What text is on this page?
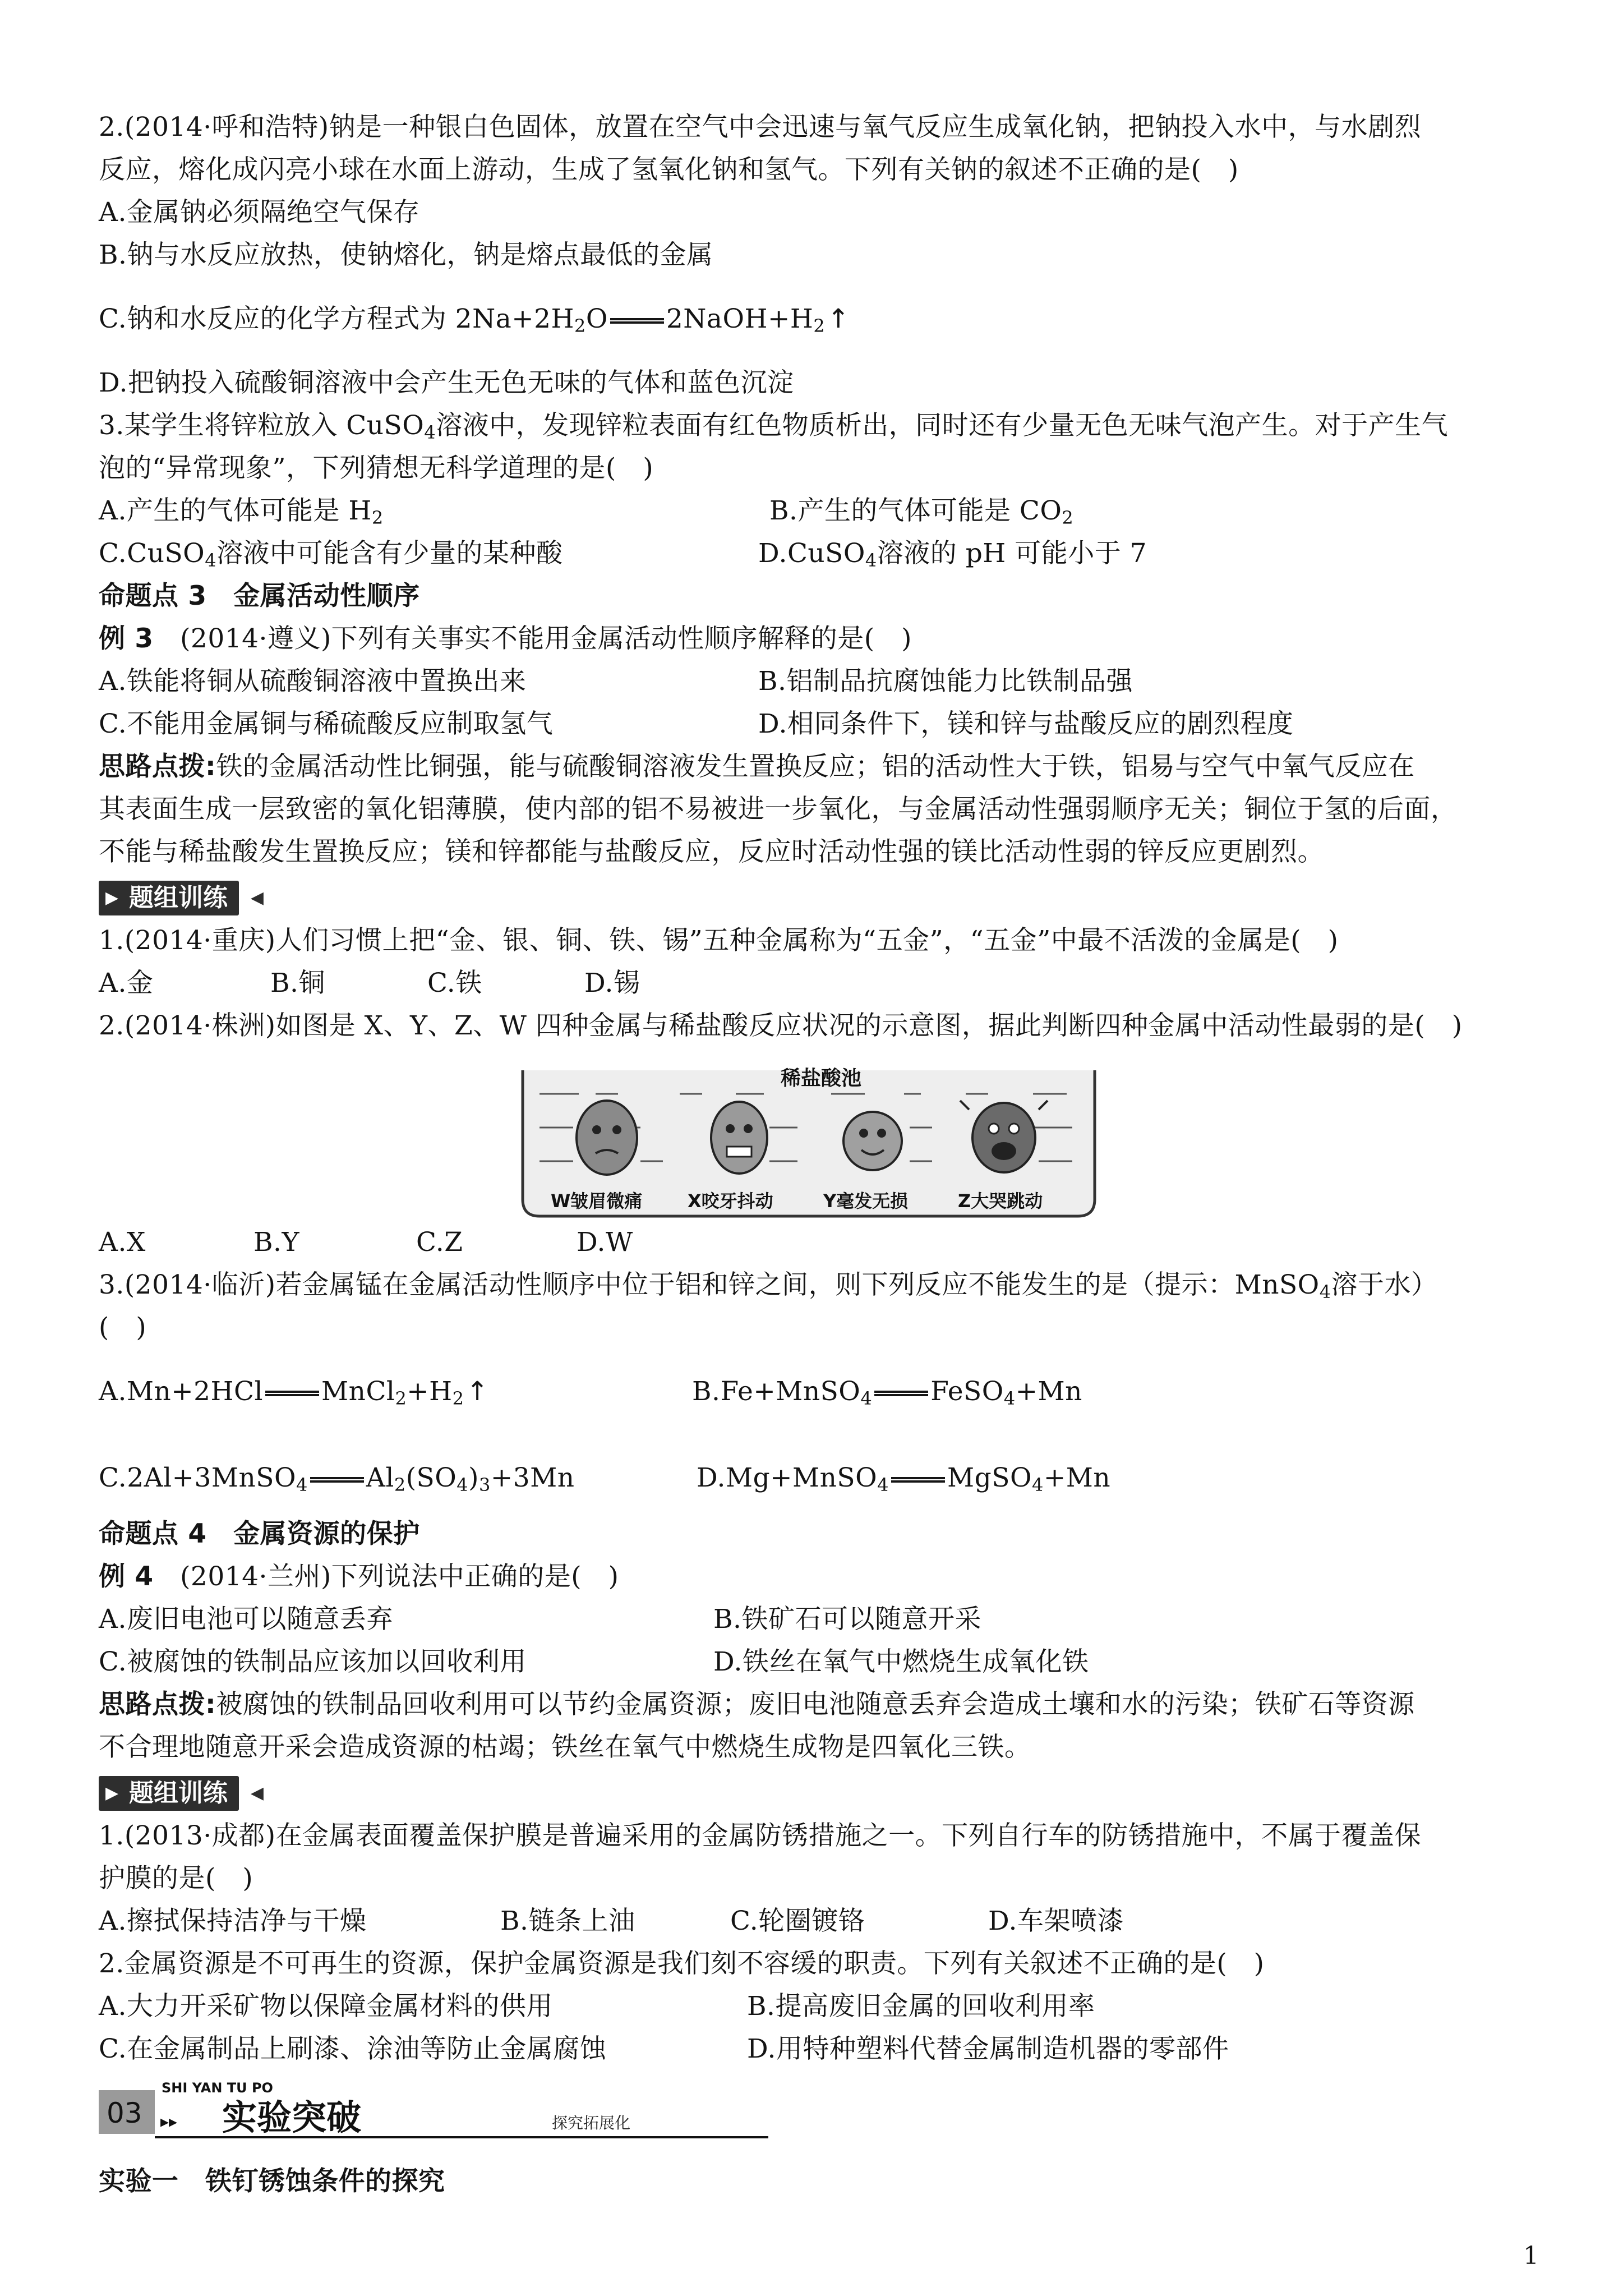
2.(2014·呼和浩特)钠是一种银白色固体，放置在空气中会迅速与氧气反应生成氧化钠，把钠投入水中，与水剧烈
反应，熔化成闪亮小球在水面上游动，生成了氢氧化钠和氢气。下列有关钠的叙述不正确的是(　)
A.金属钠必须隔绝空气保存
B.钠与水反应放热，使钠熔化，钠是熔点最低的金属
C.钠和水反应的化学方程式为 $2Na+2H_2O$ $2NaOH+H_2↑$
D.把钠投入硫酸铜溶液中会产生无色无味的气体和蓝色沉淀
3.某学生将锌粒放入 CuSO$_4$溶液中，发现锌粒表面有红色物质析出，同时还有少量无色无味气泡产生。对于产生气
泡的“异常现象”，下列猜想无科学道理的是(　)
A.产生的气体可能是 $H_2$	B.产生的气体可能是 $CO_2$
C.CuSO$_4$溶液中可能含有少量的某种酸	D.CuSO$_4$溶液的 pH 可能小于 7
命题点 3　金属活动性顺序
例 3　(2014·遵义)下列有关事实不能用金属活动性顺序解释的是(　)
A.铁能将铜从硫酸铜溶液中置换出来	B.铝制品抗腐蚀能力比铁制品强
C.不能用金属铜与稀硫酸反应制取氢气	D.相同条件下，镁和锌与盐酸反应的剧烈程度
思路点拨:铁的金属活动性比铜强，能与硫酸铜溶液发生置换反应；铝的活动性大于铁，铝易与空气中氧气反应在
其表面生成一层致密的氧化铝薄膜，使内部的铝不易被进一步氧化，与金属活动性强弱顺序无关；铜位于氢的后面，
不能与稀盐酸发生置换反应；镁和锌都能与盐酸反应，反应时活动性强的镁比活动性弱的锌反应更剧烈。
▶ 题组训练 ◀
1.(2014·重庆)人们习惯上把“金、银、铜、铁、锡”五种金属称为“五金”，“五金”中最不活泼的金属是(　)
A.金	B.铜	C.铁	D.锡
2.(2014·株洲)如图是 X、Y、Z、W 四种金属与稀盐酸反应状况的示意图，据此判断四种金属中活动性最弱的是(　)
稀盐酸池
W皱眉微痛	X咬牙抖动	Y毫发无损	Z大哭跳动
A.X	B.Y	C.Z	D.W
3.(2014·临沂)若金属锰在金属活动性顺序中位于铝和锌之间，则下列反应不能发生的是（提示：MnSO$_4$溶于水）
(　)
A.Mn+2HCl $MnCl_2+H_2↑$	B.Fe+MnSO$_4$ FeSO$_4$+Mn
C.2Al+3MnSO$_4$ $Al_2(SO_4)_3+3Mn$	D.Mg+MnSO$_4$ MgSO$_4$+Mn
命题点 4　金属资源的保护
例 4　(2014·兰州)下列说法中正确的是(　)
A.废旧电池可以随意丢弃	B.铁矿石可以随意开采
C.被腐蚀的铁制品应该加以回收利用	D.铁丝在氧气中燃烧生成氧化铁
思路点拨:被腐蚀的铁制品回收利用可以节约金属资源；废旧电池随意丢弃会造成土壤和水的污染；铁矿石等资源
不合理地随意开采会造成资源的枯竭；铁丝在氧气中燃烧生成物是四氧化三铁。
▶ 题组训练 ◀
1.(2013·成都)在金属表面覆盖保护膜是普遍采用的金属防锈措施之一。下列自行车的防锈措施中，不属于覆盖保
护膜的是(　)
A.擦拭保持洁净与干燥	B.链条上油	C.轮圈镀铬	D.车架喷漆
2.金属资源是不可再生的资源，保护金属资源是我们刻不容缓的职责。下列有关叙述不正确的是(　)
A.大力开采矿物以保障金属材料的供用	B.提高废旧金属的回收利用率
C.在金属制品上刷漆、涂油等防止金属腐蚀	D.用特种塑料代替金属制造机器的零部件
03
SHI YAN TU PO
▸▸ 实验突破	探究拓展化
实验一　铁钉锈蚀条件的探究
1
